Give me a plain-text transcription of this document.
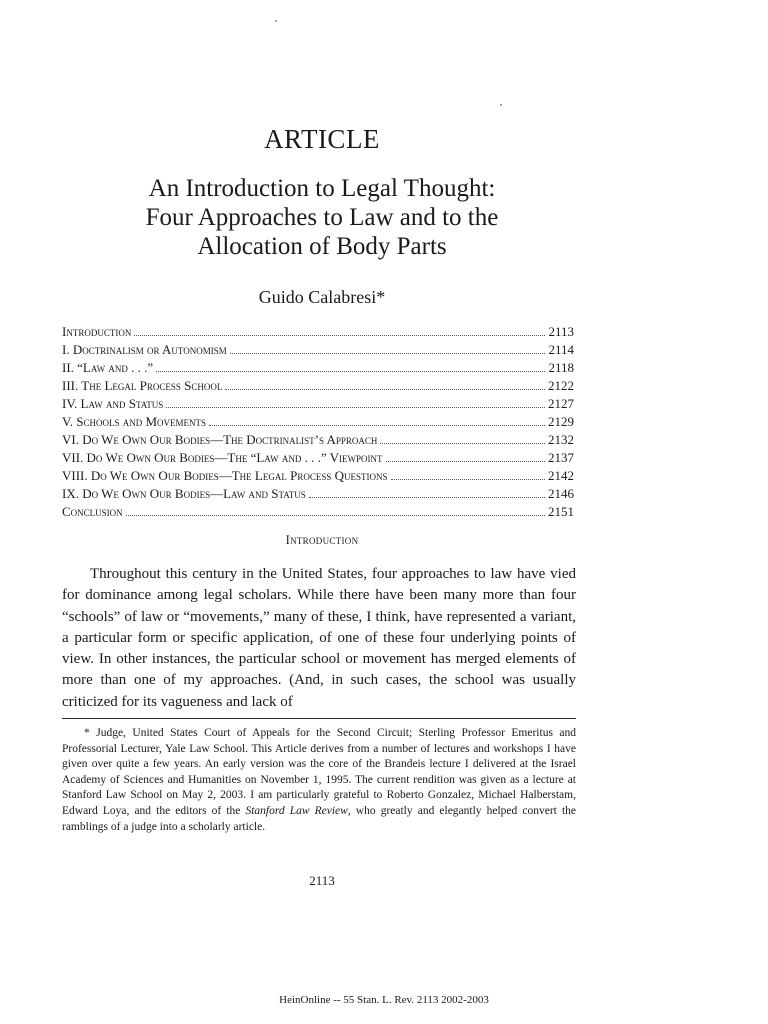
ARTICLE
An Introduction to Legal Thought:
Four Approaches to Law and to the
Allocation of Body Parts
Guido Calabresi*
Introduction	2113
I. Doctrinalism or Autonomism	2114
II. “Law and . . .”	2118
III. The Legal Process School	2122
IV. Law and Status	2127
V. Schools and Movements	2129
VI. Do We Own Our Bodies—The Doctrinalist’s Approach	2132
VII. Do We Own Our Bodies—The “Law and . . .” Viewpoint	2137
VIII. Do We Own Our Bodies—The Legal Process Questions	2142
IX. Do We Own Our Bodies—Law and Status	2146
Conclusion	2151
Introduction

Throughout this century in the United States, four approaches to law have vied for dominance among legal scholars. While there have been many more than four “schools” of law or “movements,” many of these, I think, have represented a variant, a particular form or specific application, of one of these four underlying points of view. In other instances, the particular school or movement has merged elements of more than one of my approaches. (And, in such cases, the school was usually criticized for its vagueness and lack of

* Judge, United States Court of Appeals for the Second Circuit; Sterling Professor Emeritus and Professorial Lecturer, Yale Law School. This Article derives from a number of lectures and workshops I have given over quite a few years. An early version was the core of the Brandeis lecture I delivered at the Israel Academy of Sciences and Humanities on November 1, 1995. The current rendition was given as a lecture at Stanford Law School on May 2, 2003. I am particularly grateful to Roberto Gonzalez, Michael Halberstam, Edward Loya, and the editors of the Stanford Law Review, who greatly and elegantly helped convert the ramblings of a judge into a scholarly article.

2113
HeinOnline -- 55 Stan. L. Rev. 2113 2002-2003
